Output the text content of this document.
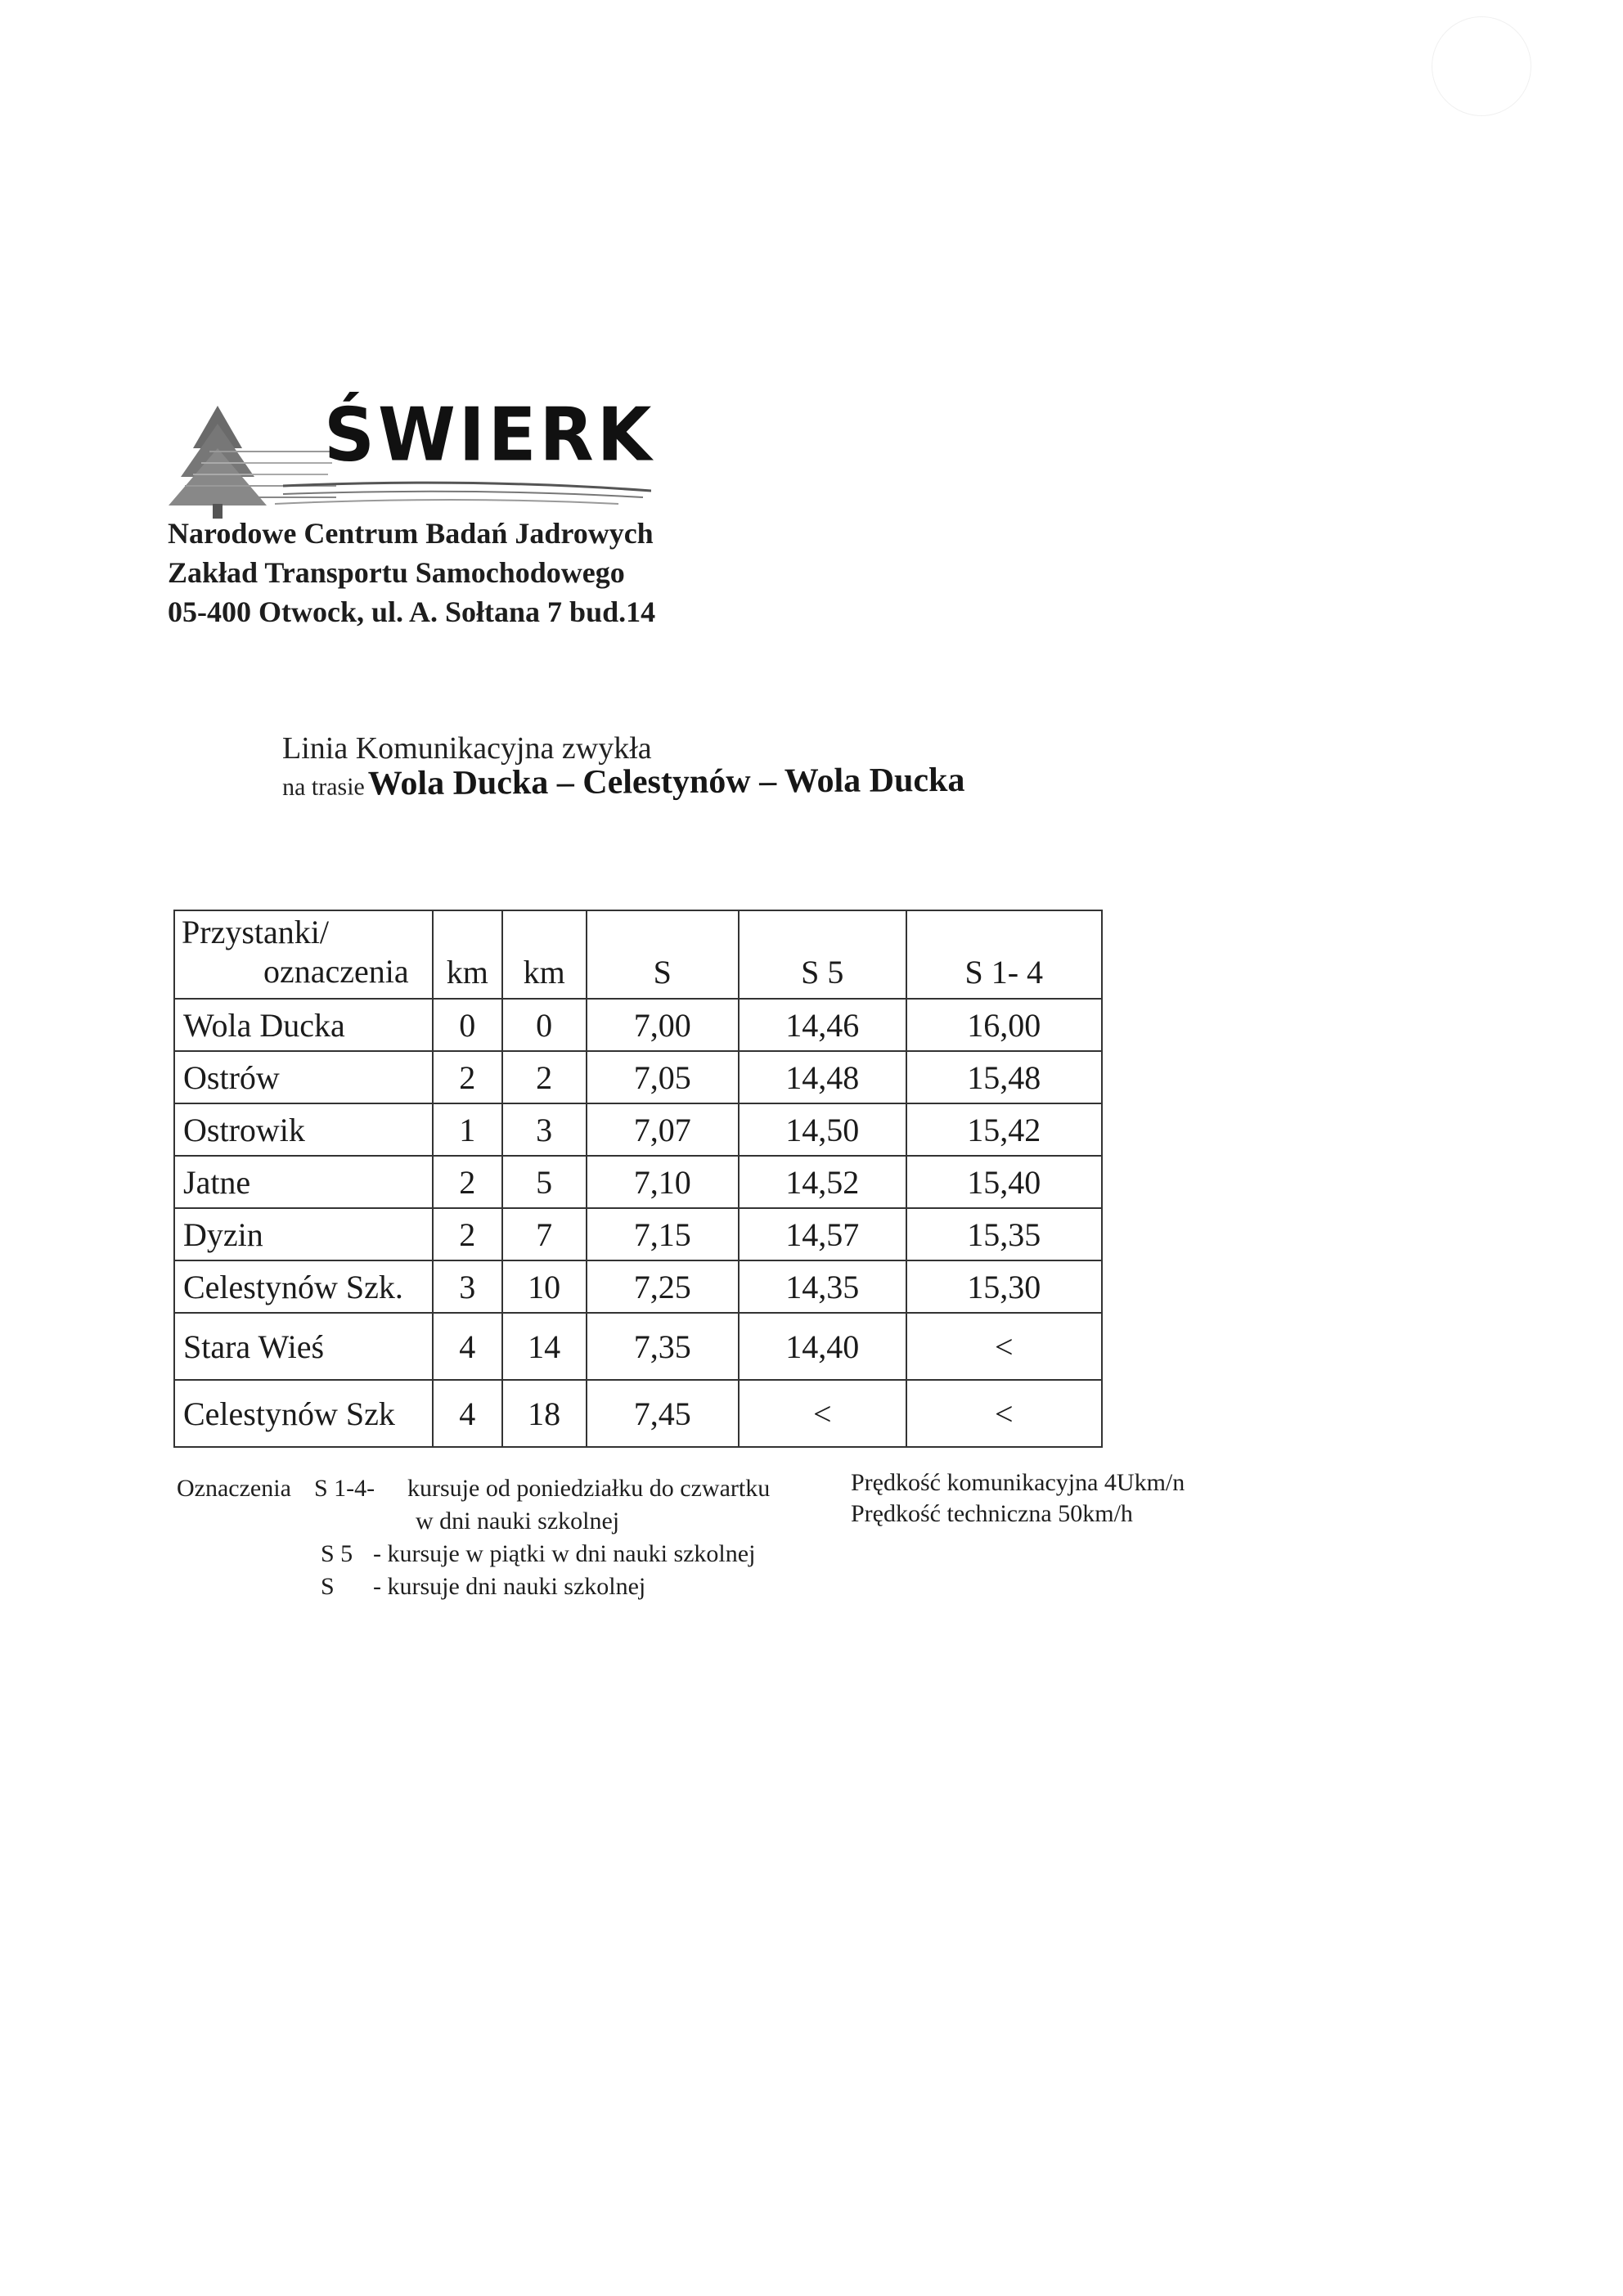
ŚWIERK
Narodowe Centrum Badań Jadrowych
Zakład Transportu Samochodowego
05-400 Otwock, ul. A. Sołtana 7 bud.14
Linia Komunikacyjna zwykła
na trasie Wola Ducka – Celestynów – Wola Ducka
Przystanki/
oznaczenia	km	km	S	S 5	S 1- 4
Wola Ducka	0	0	7,00	14,46	16,00
Ostrów	2	2	7,05	14,48	15,48
Ostrowik	1	3	7,07	14,50	15,42
Jatne	2	5	7,10	14,52	15,40
Dyzin	2	7	7,15	14,57	15,35
Celestynów Szk.	3	10	7,25	14,35	15,30
Stara Wieś	4	14	7,35	14,40	<
Celestynów Szk	4	18	7,45	<	<
Oznaczenia S 1-4- kursuje od poniedziałku do czwartku
w dni nauki szkolnej
S 5 - kursuje w piątki w dni nauki szkolnej
S - kursuje dni nauki szkolnej
Prędkość komunikacyjna 4Ukm/n
Prędkość techniczna 50km/h
